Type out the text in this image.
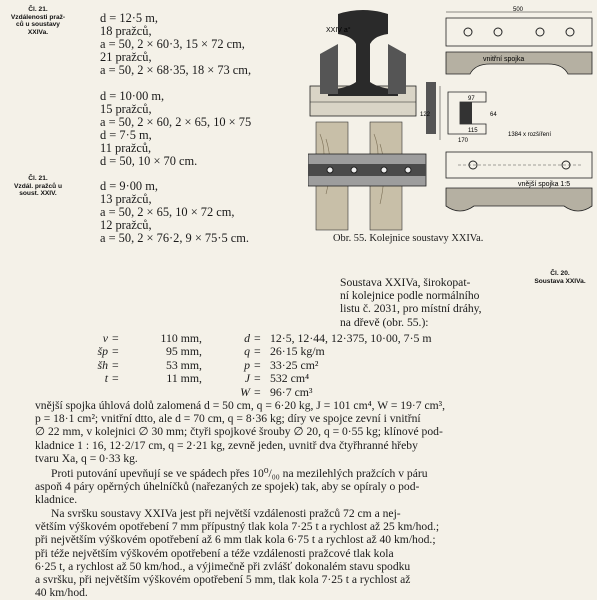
Čl. 21.
Vzdálenosti praž-
ců u soustavy
XXIVa.
Čl. 21.
Vzdál. pražců u
soust. XXIV.
Čl. 20.
Soustava XXIVa.
d = 12·5 m,
18 pražců,
a = 50, 2 × 60·3, 15 × 72 cm,
21 pražců,
a = 50, 2 × 68·35, 18 × 73 cm,
d = 10·00 m,
15 pražců,
a = 50, 2 × 60, 2 × 65, 10 × 75
d = 7·5 m,
11 pražců,
d = 50, 10 × 70 cm.
d = 9·00 m,
13 pražců,
a = 50, 2 × 65, 10 × 72 cm,
12 pražců,
a = 50, 2 × 76·2, 9 × 75·5 cm.
XXIV a°
500
vnitřní spojka
122
97
115
170
64
1384 x rozšíření
vnější spojka 1:5
Obr. 55. Kolejnice soustavy XXIVa.
Soustava XXIVa, širokopat-
ní kolejnice podle normálního
listu č. 2031, pro místní dráhy,
na dřevě (obr. 55.):
v	=	110 mm,	d	=	12·5, 12·44, 12·375, 10·00, 7·5 m
šp	=	95 mm,	q	=	26·15 kg/m
šh	=	53 mm,	p	=	33·25 cm²
t	=	11 mm,	J	=	532 cm⁴
			W	=	96·7 cm³
vnější spojka úhlová dolů zalomená d = 50 cm, q = 6·20 kg, J = 101 cm⁴, W = 19·7 cm³,
p = 18·1 cm²; vnitřní dtto, ale d = 70 cm, q = 8·36 kg; díry ve spojce zevní i vnitřní
∅ 22 mm, v kolejnici ∅ 30 mm; čtyři spojkové šrouby ∅ 20, q = 0·55 kg; klínové pod-
kladnice 1 : 16, 12·2/17 cm, q = 2·21 kg, zevně jeden, uvnitř dva čtyřhranné hřeby
tvaru Xa, q = 0·33 kg.
Proti putování upevňují se ve spádech přes 10⁰/₀₀ na mezilehlých pražcích v páru
aspoň 4 páry opěrných úhelníčků (nařezaných ze spojek) tak, aby se opíraly o pod-
kladnice.
Na svršku soustavy XXIVa jest při největší vzdálenosti pražců 72 cm a nej-
větším výškovém opotřebení 7 mm přípustný tlak kola 7·25 t a rychlost až 25 km/hod.;
při největším výškovém opotřebení až 6 mm tlak kola 6·75 t a rychlost až 40 km/hod.;
při téže největším výškovém opotřebení a téže vzdálenosti pražcové tlak kola
6·25 t, a rychlost až 50 km/hod., a výjimečně při zvlášť dokonalém stavu spodku
a svršku, při největším výškovém opotřebení 5 mm, tlak kola 7·25 t a rychlost až
40 km/hod.
